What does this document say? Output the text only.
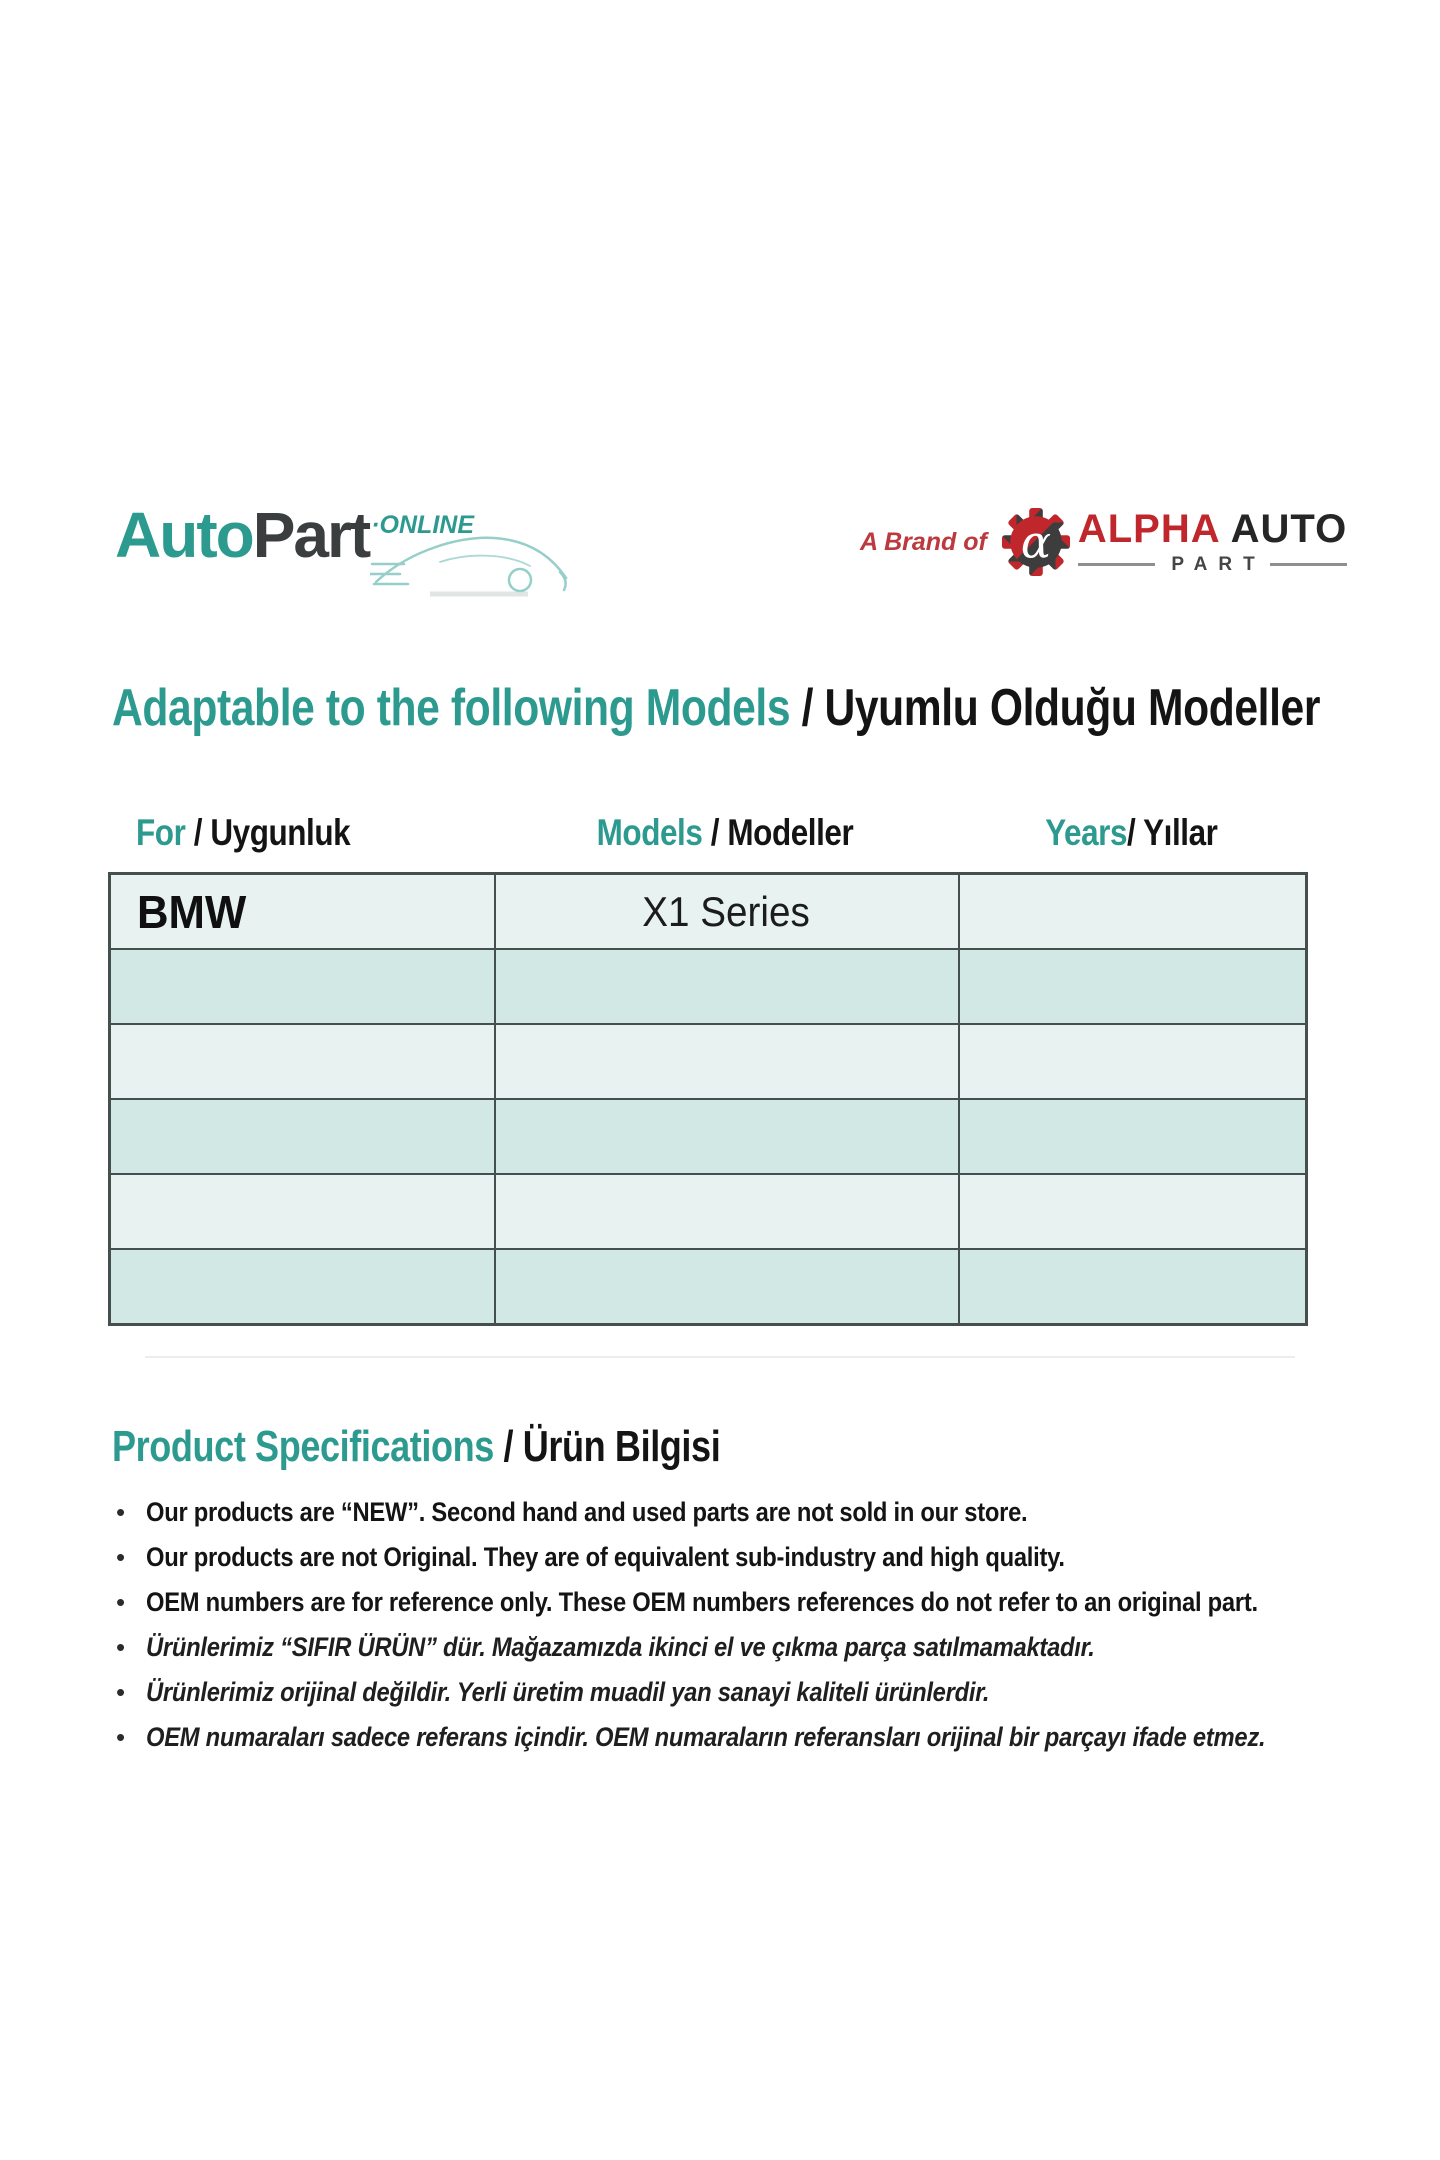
AutoPart·ONLINE
A Brand of α ALPHA AUTO
PART
Adaptable to the following Models / Uyumlu Olduğu Modeller
For / Uygunluk	Models / Modeller	Years/ Yıllar
BMW	X1 Series	

Product Specifications / Ürün Bilgisi
• Our products are “NEW”. Second hand and used parts are not sold in our store.
• Our products are not Original. They are of equivalent sub-industry and high quality.
• OEM numbers are for reference only. These OEM numbers references do not refer to an original part.
• Ürünlerimiz “SIFIR ÜRÜN” dür. Mağazamızda ikinci el ve çıkma parça satılmamaktadır.
• Ürünlerimiz orijinal değildir. Yerli üretim muadil yan sanayi kaliteli ürünlerdir.
• OEM numaraları sadece referans içindir. OEM numaraların referansları orijinal bir parçayı ifade etmez.
